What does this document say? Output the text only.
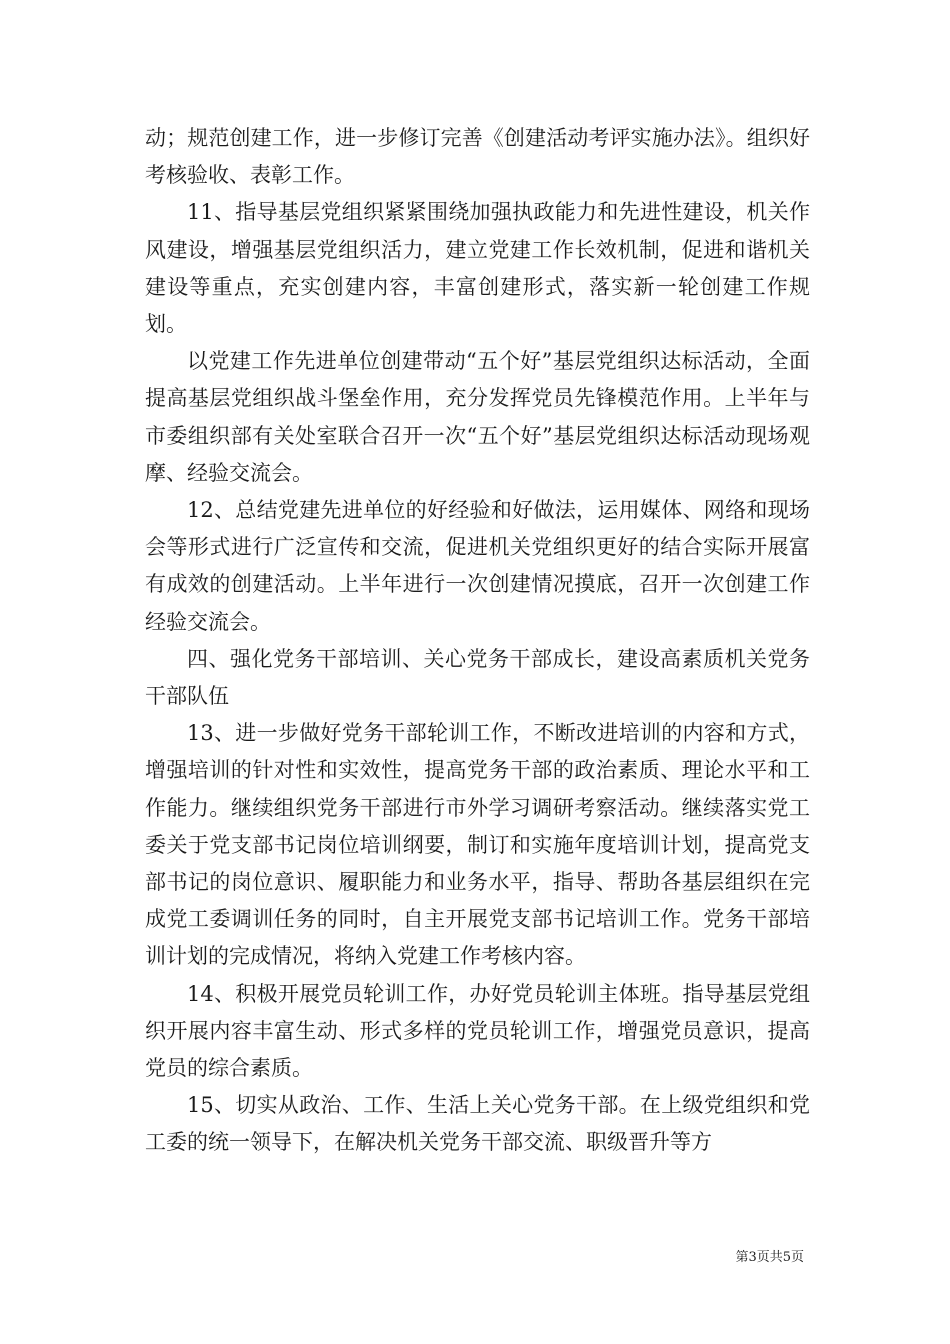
动；规范创建工作，进一步修订完善《创建活动考评实施办法》。组织好考核验收、表彰工作。

11、指导基层党组织紧紧围绕加强执政能力和先进性建设，机关作风建设，增强基层党组织活力，建立党建工作长效机制，促进和谐机关建设等重点，充实创建内容，丰富创建形式，落实新一轮创建工作规划。

以党建工作先进单位创建带动“五个好”基层党组织达标活动，全面提高基层党组织战斗堡垒作用，充分发挥党员先锋模范作用。上半年与市委组织部有关处室联合召开一次“五个好”基层党组织达标活动现场观摩、经验交流会。

12、总结党建先进单位的好经验和好做法，运用媒体、网络和现场会等形式进行广泛宣传和交流，促进机关党组织更好的结合实际开展富有成效的创建活动。上半年进行一次创建情况摸底，召开一次创建工作经验交流会。

四、强化党务干部培训、关心党务干部成长，建设高素质机关党务干部队伍

13、进一步做好党务干部轮训工作，不断改进培训的内容和方式，增强培训的针对性和实效性，提高党务干部的政治素质、理论水平和工作能力。继续组织党务干部进行市外学习调研考察活动。继续落实党工委关于党支部书记岗位培训纲要，制订和实施年度培训计划，提高党支部书记的岗位意识、履职能力和业务水平，指导、帮助各基层组织在完成党工委调训任务的同时，自主开展党支部书记培训工作。党务干部培训计划的完成情况，将纳入党建工作考核内容。

14、积极开展党员轮训工作，办好党员轮训主体班。指导基层党组织开展内容丰富生动、形式多样的党员轮训工作，增强党员意识，提高党员的综合素质。

15、切实从政治、工作、生活上关心党务干部。在上级党组织和党工委的统一领导下，在解决机关党务干部交流、职级晋升等方

第3页共5页
